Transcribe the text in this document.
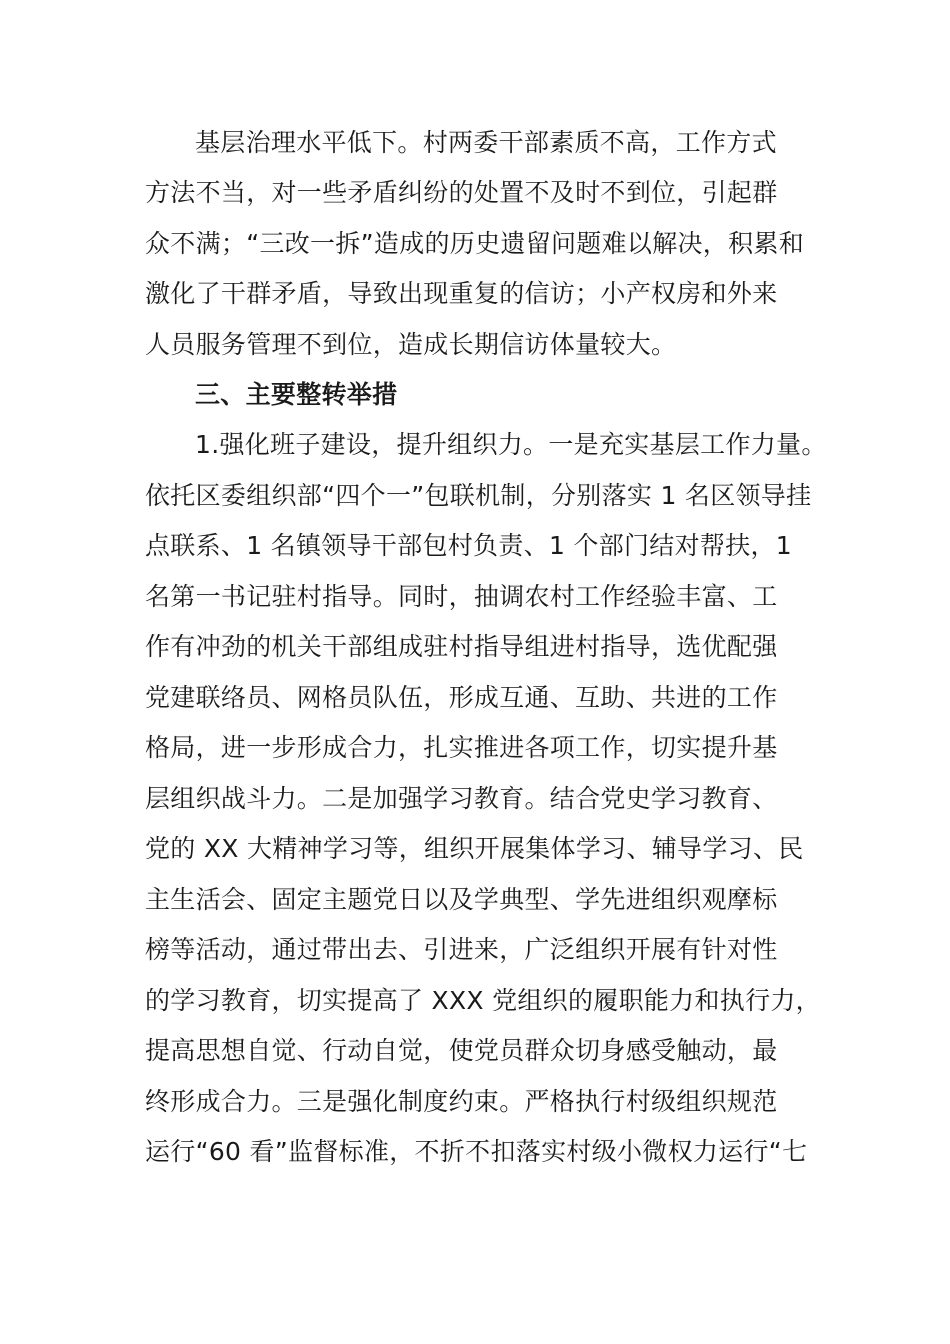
基层治理水平低下。村两委干部素质不高，工作方式
方法不当，对一些矛盾纠纷的处置不及时不到位，引起群
众不满；“三改一拆”造成的历史遗留问题难以解决，积累和
激化了干群矛盾，导致出现重复的信访；小产权房和外来
人员服务管理不到位，造成长期信访体量较大。
三、主要整转举措
1.强化班子建设，提升组织力。一是充实基层工作力量。
依托区委组织部“四个一”包联机制，分别落实 1 名区领导挂
点联系、1 名镇领导干部包村负责、1 个部门结对帮扶，1
名第一书记驻村指导。同时，抽调农村工作经验丰富、工
作有冲劲的机关干部组成驻村指导组进村指导，选优配强
党建联络员、网格员队伍，形成互通、互助、共进的工作
格局，进一步形成合力，扎实推进各项工作，切实提升基
层组织战斗力。二是加强学习教育。结合党史学习教育、
党的 XX 大精神学习等，组织开展集体学习、辅导学习、民
主生活会、固定主题党日以及学典型、学先进组织观摩标
榜等活动，通过带出去、引进来，广泛组织开展有针对性
的学习教育，切实提高了 XXX 党组织的履职能力和执行力，
提高思想自觉、行动自觉，使党员群众切身感受触动，最
终形成合力。三是强化制度约束。严格执行村级组织规范
运行“60 看”监督标准，不折不扣落实村级小微权力运行“七
